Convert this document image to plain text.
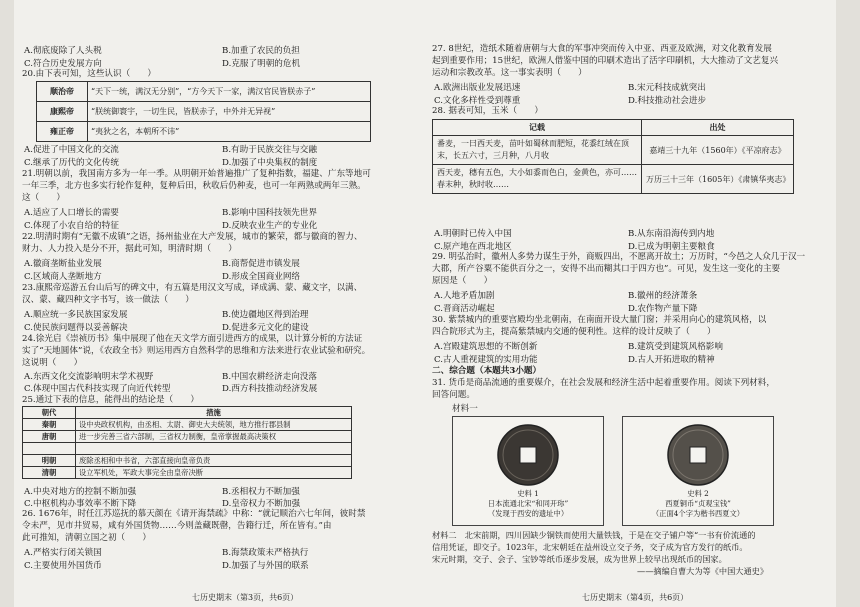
A.彻底废除了人头税	B.加重了农民的负担
C.符合历史发展方向	D.克服了明朝的危机
20.由下表可知，这些认识（　　）
顺治帝	“天下一统，满汉无分别”，“方今天下一家，满汉官民皆朕赤子”
康熙帝	“朕统御寰宇，一切生民，皆朕赤子，中外并无异视”
雍正帝	“夷狄之名，本朝所不讳”
A.促进了中国文化的交流	B.有助于民族交往与交融
C.继承了历代的文化传统	D.加强了中央集权的制度
21.明朝以前，我国南方多为一年一季。从明朝开始普遍推广了复种指数，福建、广东等地可
一年三季，北方也多实行轮作复种，复种后田，秋收后仍种麦，也可一年两熟或两年三熟。
这（　　）
A.适应了人口增长的需要	B.影响中国科技领先世界
C.体现了小农自给的特征	D.反映农业生产的专业化
22.明清时期有“无徽不成镇”之语，扬州盐业在大产发展，城市的繁荣，都与徽商的智力、
财力、人力投入是分不开，据此可知，明清时期（　　）
A.徽商垄断盐业发展	B.商帮促进市镇发展
C.区域商人垄断地方	D.形成全国商业网络
23.康熙帝巡游五台山后写的碑文中，有五篇是用汉文写成，译成满、蒙、藏文字，以满、
汉、蒙、藏四种文字书写，该一做法（　　）
A.顺应统一多民族国家发展	B.使边疆地区得到治理
C.使民族问题得以妥善解决	D.促进多元文化的建设
24.徐光启《崇祯历书》集中展现了他在天文学方面引进西方的成果，以计算分析的方法证
实了“天地圆体”说，《农政全书》则运用西方自然科学的思维和方法来进行农业试验和研究。
这说明（　　）
A.东西文化交流影响明末学术视野	B.中国农耕经济走向没落
C.体现中国古代科技实现了向近代转型	D.西方科技推动经济发展
朝代	措施
秦朝	设中央政权机构，由丞相、太尉、御史大夫统领，地方推行郡县制
唐朝	进一步完善三省六部制，三省权力制衡，皇帝掌握最高决策权

明朝	废除丞相和中书省，六部直接向皇帝负责
清朝	设立军机处，军政大事完全由皇帝决断
25.通过下表的信息，能得出的结论是（　　）
A.中央对地方的控制不断加强	B.丞相权力不断加强
C.中枢机构办事效率不断下降	D.皇帝权力不断加强
26. 1676年，时任江苏巡抚的慕天颜在《请开海禁疏》中称：“就记顺治六七年间，彼时禁
令未严，见市井贸易，咸有外国货物……今则盖藏既罄，告籍行迁，所在皆有。”由
此可推知，清朝立国之初（　　）
A.严格实行闭关锁国	B.海禁政策未严格执行
C.主要使用外国货币	D.加强了与外国的联系
七历史期末（第3页，共6页）
27. 8世纪，造纸术随着唐朝与大食的军事冲突而传入中亚、西亚及欧洲，对文化教育发展
起到重要作用；15世纪，欧洲人借鉴中国的印刷术造出了活字印刷机，大大推动了文艺复兴
运动和宗教改革。这一事实表明（　　）
A.欧洲出版业发展迅速	B.宋元科技成就突出
C.文化多样性受到尊重	D.科技推动社会进步
28. 据表可知，玉米（　　）
记载	出处
番麦，一曰西天麦，苗叶如蜀秫而肥短，花黍红绒在顶末，长五六寸，三月种，八月收	嘉靖三十九年（1560年）《平凉府志》
西天麦，穗有五色，大小如黍而色白，金黄色，亦可……春末种，秋时收……	万历三十三年（1605年）《肃镇华夷志》
A.明朝时已传入中国	B.从东南沿海传到内地
C.原产地在西北地区	D.已成为明朝主要粮食
29. 明弘治时，徽州人多势力谋生于外，商贩四出，不愿离开故土；万历时，“今邑之人众几于汉一
大郡，所产谷粟不能供百分之一，安得不出而糊其口于四方也”。可见，发生这一变化的主要
原因是（　　）
A.人地矛盾加剧	B.徽州的经济萧条
C.晋商活动崛起	D.农作物产量下降
30. 紫禁城内的重要宫殿均坐北朝南，在南面开设大量门窗；并采用向心的建筑风格，以
四合院形式为主，提高紫禁城内交通的便利性。这样的设计反映了（　　）
A.宫殿建筑思想的不断创新	B.建筑受到建筑风格影响
C.古人重视建筑的实用功能	D.古人开拓进取的精神
二、综合题（本题共3小题）
31. 货币是商品流通的重要媒介，在社会发展和经济生活中起着重要作用。阅读下列材料，
回答问题。
材料一
史料 1
日本流通北宋“和同开珎”
（发现于西安的遗址中）
史料 2
西夏铜币“贞观宝钱”
（正面4个字为楷书西夏文）
材料二　北宋前期，四川因缺少铜铁而使用大量铁钱，于是在交子铺户等“一书有价流通的
信用凭证，即交子。1023年，北宋朝廷在益州设立交子务，交子成为官方发行的纸币。
宋元时期，交子、会子、宝钞等纸币逐步发展，成为世界上较早出现纸币的国家。
——摘编自曹大为等《中国大通史》
七历史期末（第4页，共6页）
